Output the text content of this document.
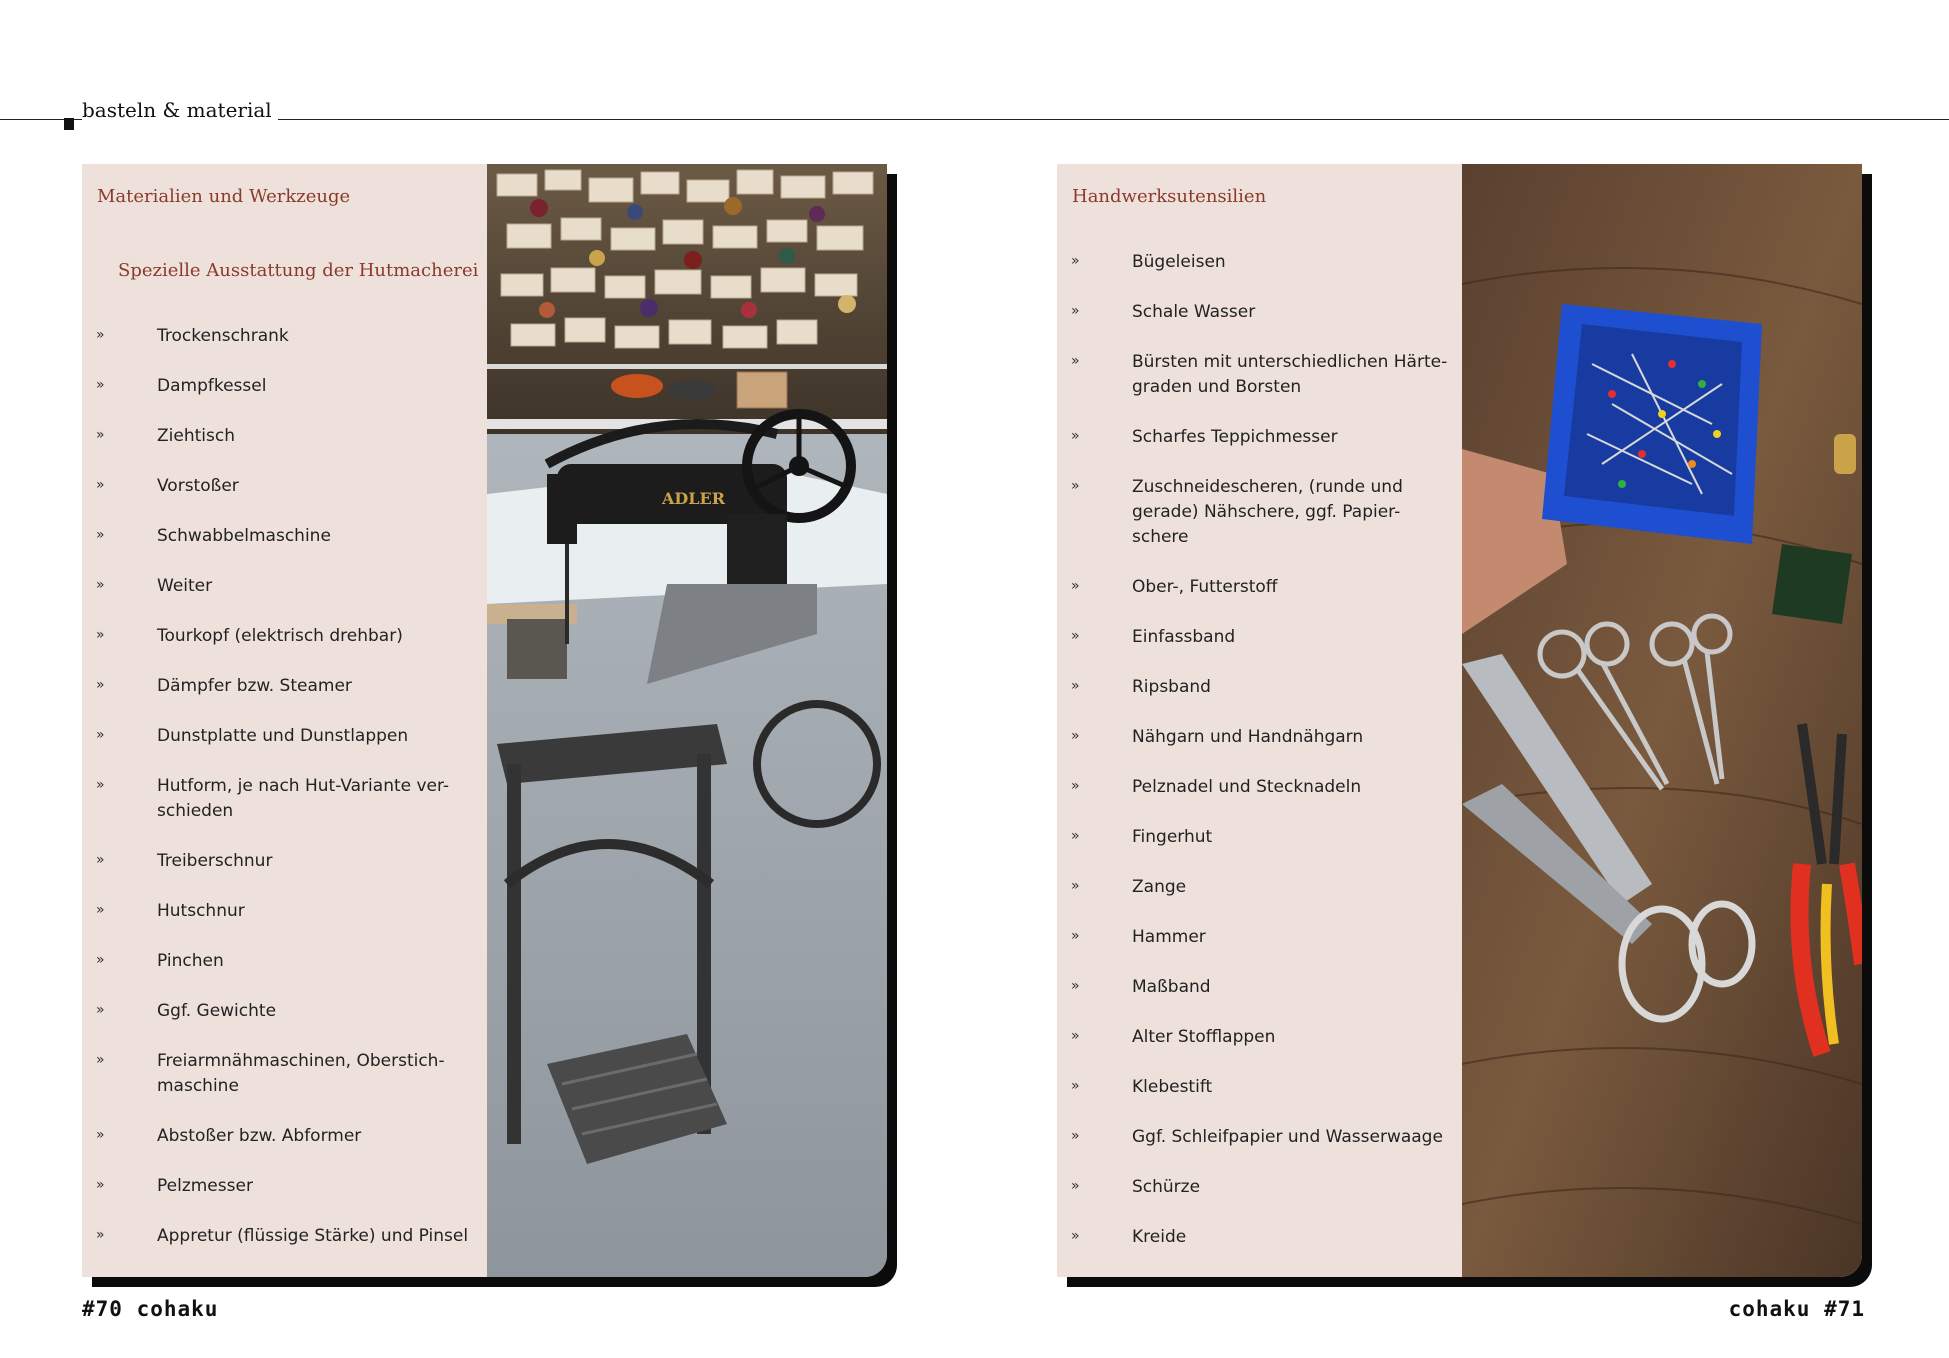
basteln & material
Materialien und Werkzeuge
Spezielle Ausstattung der Hutmacherei
»	Trockenschrank
»	Dampfkessel
»	Ziehtisch
»	Vorstoßer
»	Schwabbelmaschine
»	Weiter
»	Tourkopf (elektrisch drehbar)
»	Dämpfer bzw. Steamer
»	Dunstplatte und Dunstlappen
»	Hutform, je nach Hut-Variante ver-schieden
»	Treiberschnur
»	Hutschnur
»	Pinchen
»	Ggf. Gewichte
»	Freiarmnähmaschinen, Oberstich-maschine
»	Abstoßer bzw. Abformer
»	Pelzmesser
»	Appretur (flüssige Stärke) und Pinsel
ADLER
Handwerksutensilien
»	Bügeleisen
»	Schale Wasser
»	Bürsten mit unterschiedlichen Härte-graden und Borsten
»	Scharfes Teppichmesser
»	Zuschneidescheren, (runde und gerade) Nähschere, ggf. Papier-schere
»	Ober-, Futterstoff
»	Einfassband
»	Ripsband
»	Nähgarn und Handnähgarn
»	Pelznadel und Stecknadeln
»	Fingerhut
»	Zange
»	Hammer
»	Maßband
»	Alter Stofflappen
»	Klebestift
»	Ggf. Schleifpapier und Wasserwaage
»	Schürze
»	Kreide
#70 cohaku	cohaku #71
